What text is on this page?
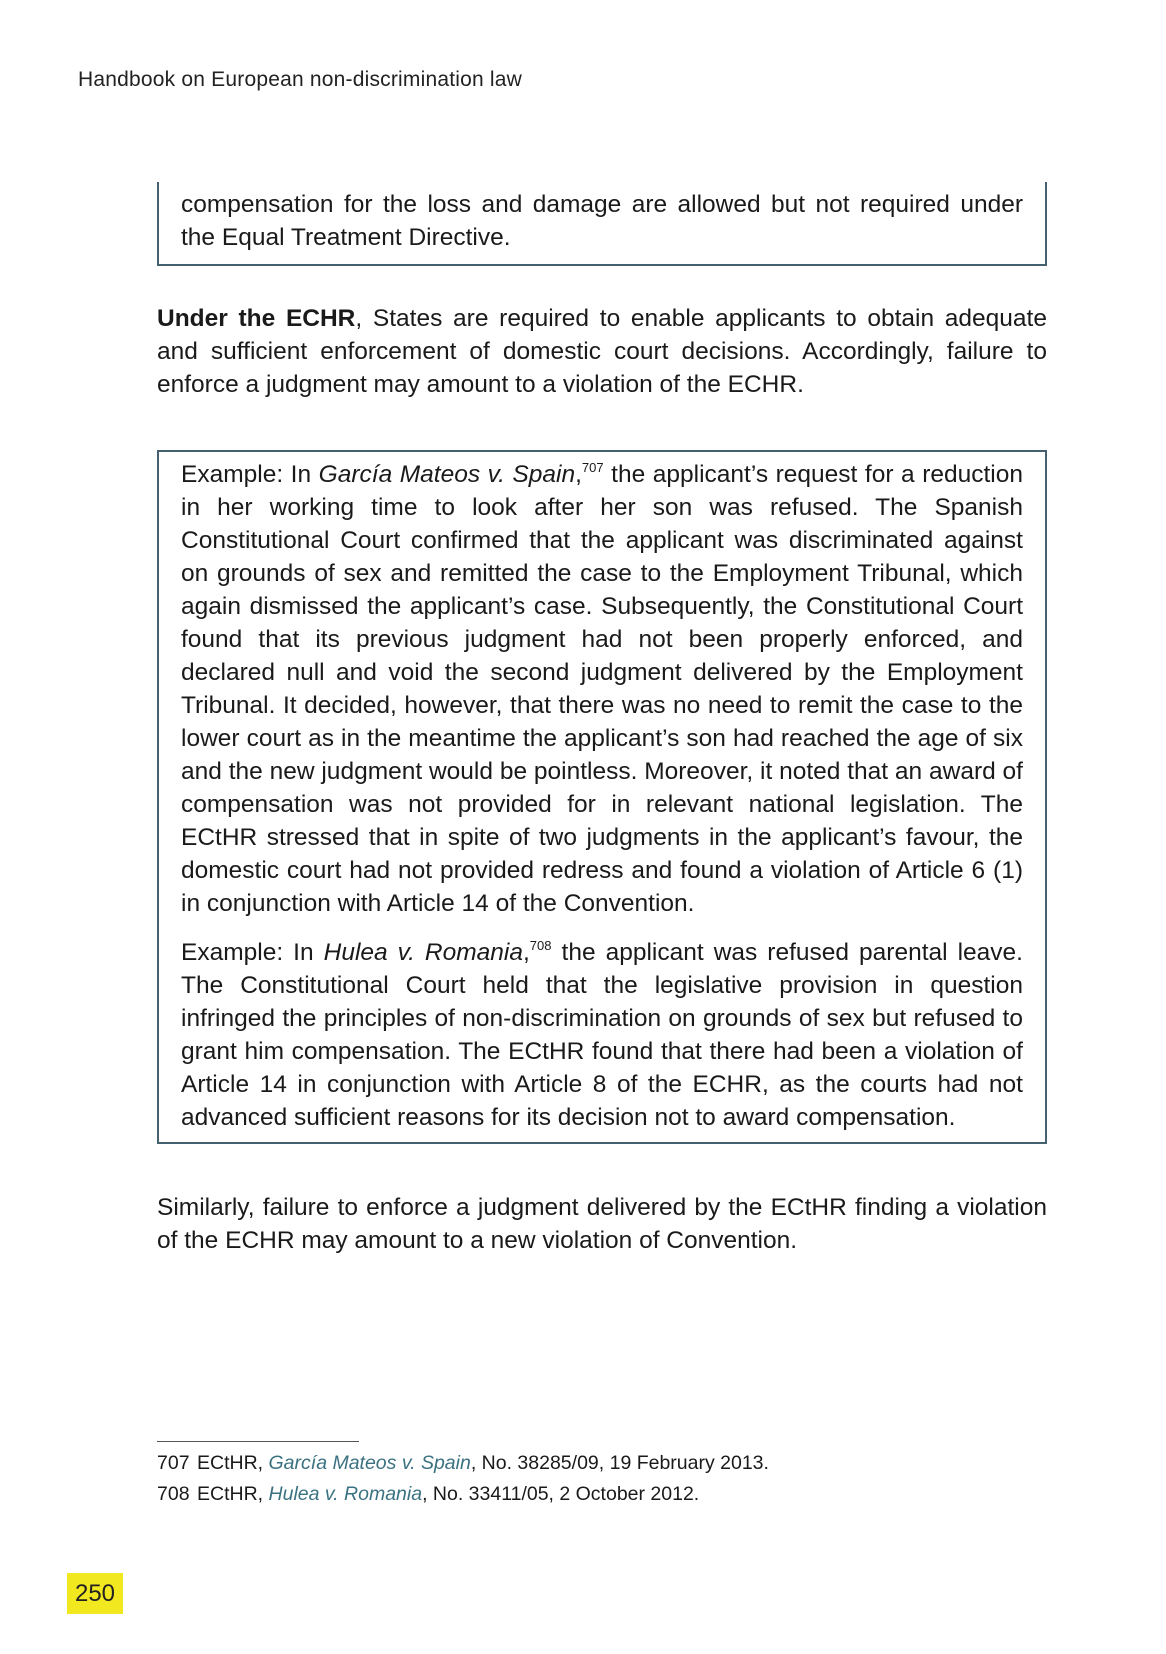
Handbook on European non-discrimination law

compensation for the loss and damage are allowed but not required under the Equal Treatment Directive.

Under the ECHR, States are required to enable applicants to obtain adequate and sufficient enforcement of domestic court decisions. Accordingly, failure to enforce a judgment may amount to a violation of the ECHR.

Example: In García Mateos v. Spain,$^{707}$ the applicant’s request for a reduction in her working time to look after her son was refused. The Spanish Constitutional Court confirmed that the applicant was discriminated against on grounds of sex and remitted the case to the Employment Tribunal, which again dismissed the applicant’s case. Subsequently, the Constitutional Court found that its previous judgment had not been properly enforced, and declared null and void the second judgment delivered by the Employment Tribunal. It decided, however, that there was no need to remit the case to the lower court as in the meantime the applicant’s son had reached the age of six and the new judgment would be pointless. Moreover, it noted that an award of compensation was not provided for in relevant national legislation. The ECtHR stressed that in spite of two judgments in the applicant’s favour, the domestic court had not provided redress and found a violation of Article 6 (1) in conjunction with Article 14 of the Convention.

Example: In Hulea v. Romania,$^{708}$ the applicant was refused parental leave. The Constitutional Court held that the legislative provision in question infringed the principles of non-discrimination on grounds of sex but refused to grant him compensation. The ECtHR found that there had been a violation of Article 14 in conjunction with Article 8 of the ECHR, as the courts had not advanced sufficient reasons for its decision not to award compensation.

Similarly, failure to enforce a judgment delivered by the ECtHR finding a violation of the ECHR may amount to a new violation of Convention.

707 ECtHR, García Mateos v. Spain, No. 38285/09, 19 February 2013.
708 ECtHR, Hulea v. Romania, No. 33411/05, 2 October 2012.
250
